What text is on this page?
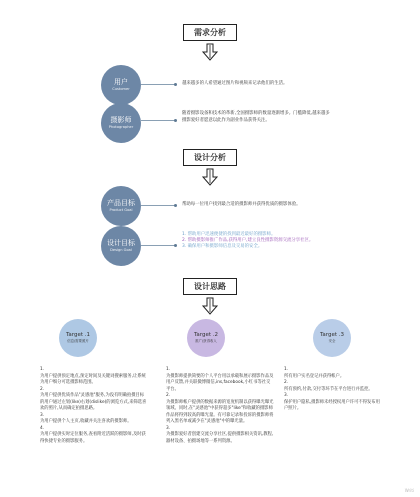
需求分析
用户
Customer
越来越多的人希望通过图片和视频来记录他们的生活。
摄影师
Photographer
随着摄影设备和技术的革新,全国摄影师的数量逐渐增多。门槛降低,越来越多摄影爱好者愿意以此作为副业作品获得关注。
设计分析
产品目标
Product Goal
帮助每一位用户找到最合适的摄影师并获得优质的摄影体验。
设计目标
Design Goal
1. 帮助用户迅速便捷的找到最近最好的摄影师。
2. 帮助摄影师推广作品,获得用户,建立良性摄影资源交流分享社区。
3. 确保用户和摄影师信息及交易的安全。
设计思路
Target .1
信息/需要照片
Target .2
推广/获得收入
Target .3
安全

1.

为用户提供预定地点,预定时间及关键词搜索服务,让系统为用户细分可选摄影师范围。

2.

为用户提供优质作品"灵感池"服务,为没有明确拍摄目标的用户通过左划(like)右划(dislike)的浏览方式,来筛选喜欢的照片,从而确定拍摄思路。

3.

为用户提供个人主页,收藏并关注喜欢的摄影师。

4.

为用户提供实时定位服务,查看附近活跃的摄影师,及时获得快捷专业的摄影服务。

1.

为摄影师提供简要的个人平台用以承载和展示摄影作品及用户反馈,并关联微博微信,ins,facebook,小红书等社交平台。

2.

为摄影师帐户提供的数据来源的宽度机制以获得曝光曝光领域。同时,在"灵感池"中获得超多"like"和收藏的摄影师作品将得到较高的曝光量。有可靠记录和投诉的摄影师将列入黑名单或减少在"灵感池"中的曝光量。

3.

为摄影爱好者创建交流分享社区,提供摄影相关资讯,教程,器材设备、拍摄场地等一系列资源。

1.

所有用户实名登记并获得帐户。

2.

所有预约,付款,交付等环节在平台进行并监控。

3.

保护用户隐私,摄影师未经授权用户许可不得发布用户照片。

Writi
